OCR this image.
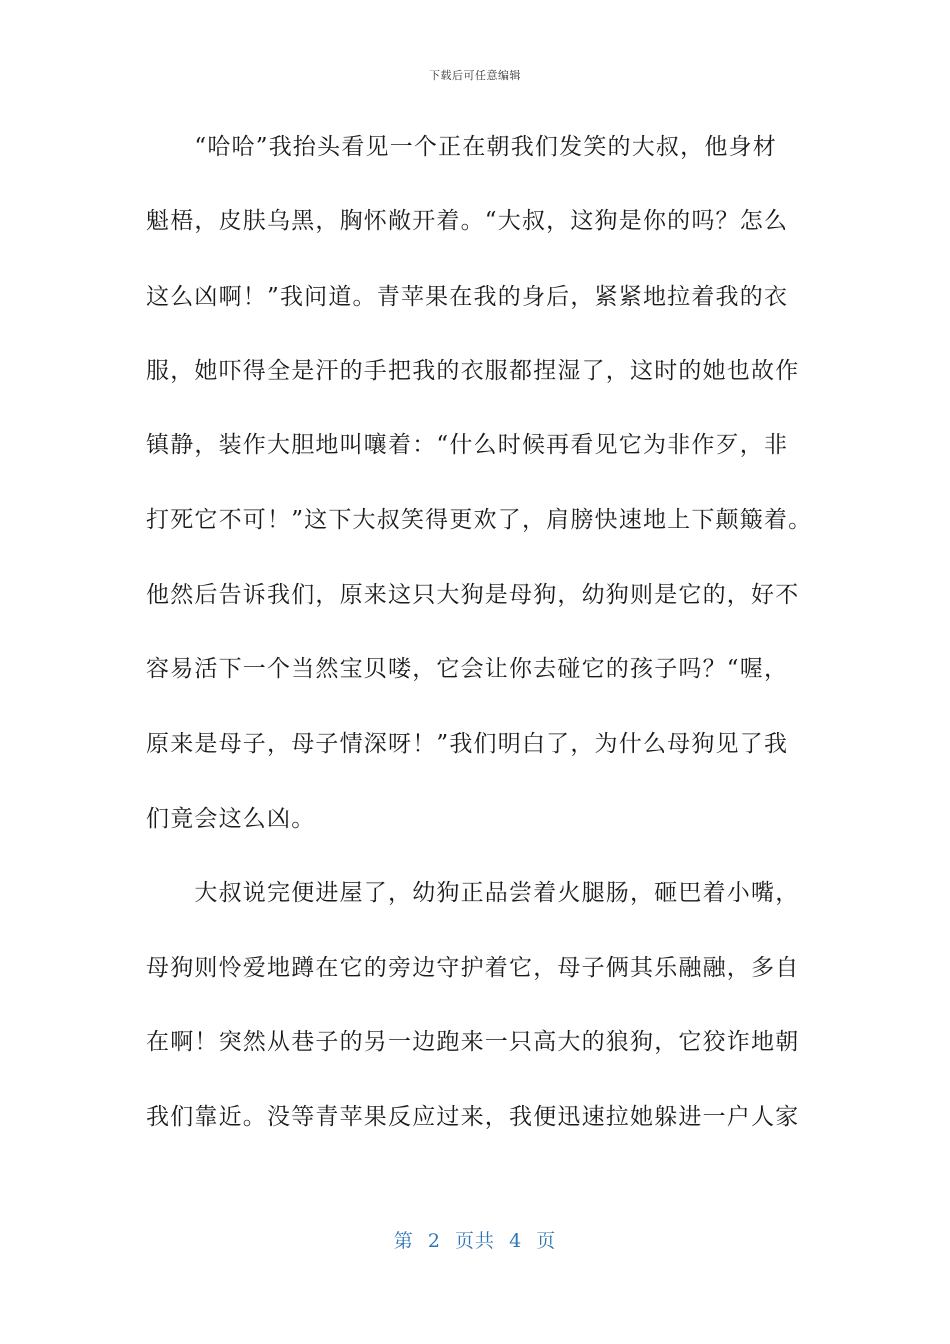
下载后可任意编辑
　　“哈哈”我抬头看见一个正在朝我们发笑的大叔，他身材
魁梧，皮肤乌黑，胸怀敞开着。“大叔，这狗是你的吗？怎么
这么凶啊！”我问道。青苹果在我的身后，紧紧地拉着我的衣
服，她吓得全是汗的手把我的衣服都捏湿了，这时的她也故作
镇静，装作大胆地叫嚷着：“什么时候再看见它为非作歹，非
打死它不可！”这下大叔笑得更欢了，肩膀快速地上下颠簸着。
他然后告诉我们，原来这只大狗是母狗，幼狗则是它的，好不
容易活下一个当然宝贝喽，它会让你去碰它的孩子吗？“喔，
原来是母子，母子情深呀！”我们明白了，为什么母狗见了我
们竟会这么凶。
　　大叔说完便进屋了，幼狗正品尝着火腿肠，砸巴着小嘴，
母狗则怜爱地蹲在它的旁边守护着它，母子俩其乐融融，多自
在啊！突然从巷子的另一边跑来一只高大的狼狗，它狡诈地朝
我们靠近。没等青苹果反应过来，我便迅速拉她躲进一户人家
第  2  页共  4  页
